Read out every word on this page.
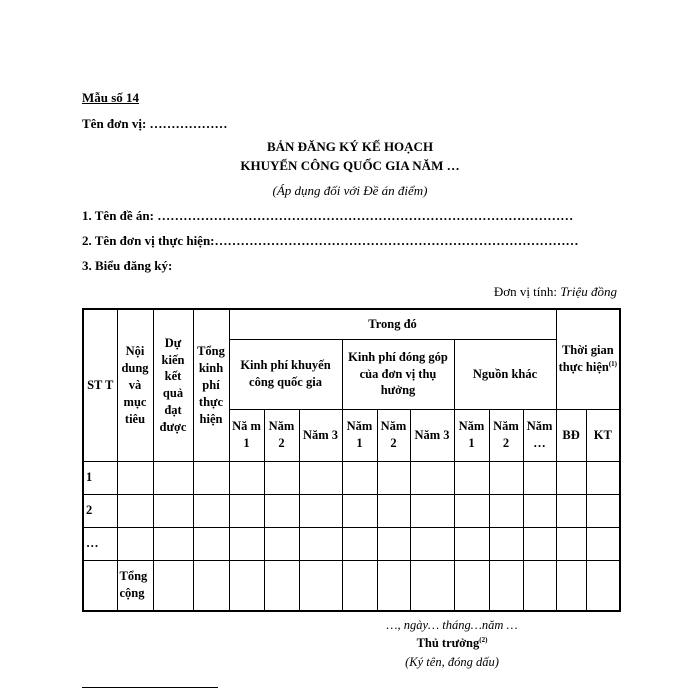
Mẫu số 14
Tên đơn vị: ………………
BẢN ĐĂNG KÝ KẾ HOẠCH
KHUYẾN CÔNG QUỐC GIA NĂM …
(Áp dụng đối với Đề án điểm)
1. Tên đề án: ……………………………………………………………………………………
2. Tên đơn vị thực hiện:…………………………………………………………………………
3. Biểu đăng ký:
Đơn vị tính: Triệu đồng
ST T	Nội dung và mục tiêu	Dự kiến kết quả đạt được	Tổng kinh phí thực hiện	Trong đó									Thời gian thực hiện$^{(1)}$
				Kinh phí khuyến công quốc gia			Kinh phí đóng góp của đơn vị thụ hưởng			Nguồn khác				
				Nă m 1	Năm 2	Năm 3	Năm 1	Năm 2	Năm 3	Năm 1	Năm 2	Năm …	BĐ	KT
1														
2														
…														
	Tổng cộng													
…, ngày… tháng…năm …
Thủ trưởng$^{(2)}$
(Ký tên, đóng dấu)
